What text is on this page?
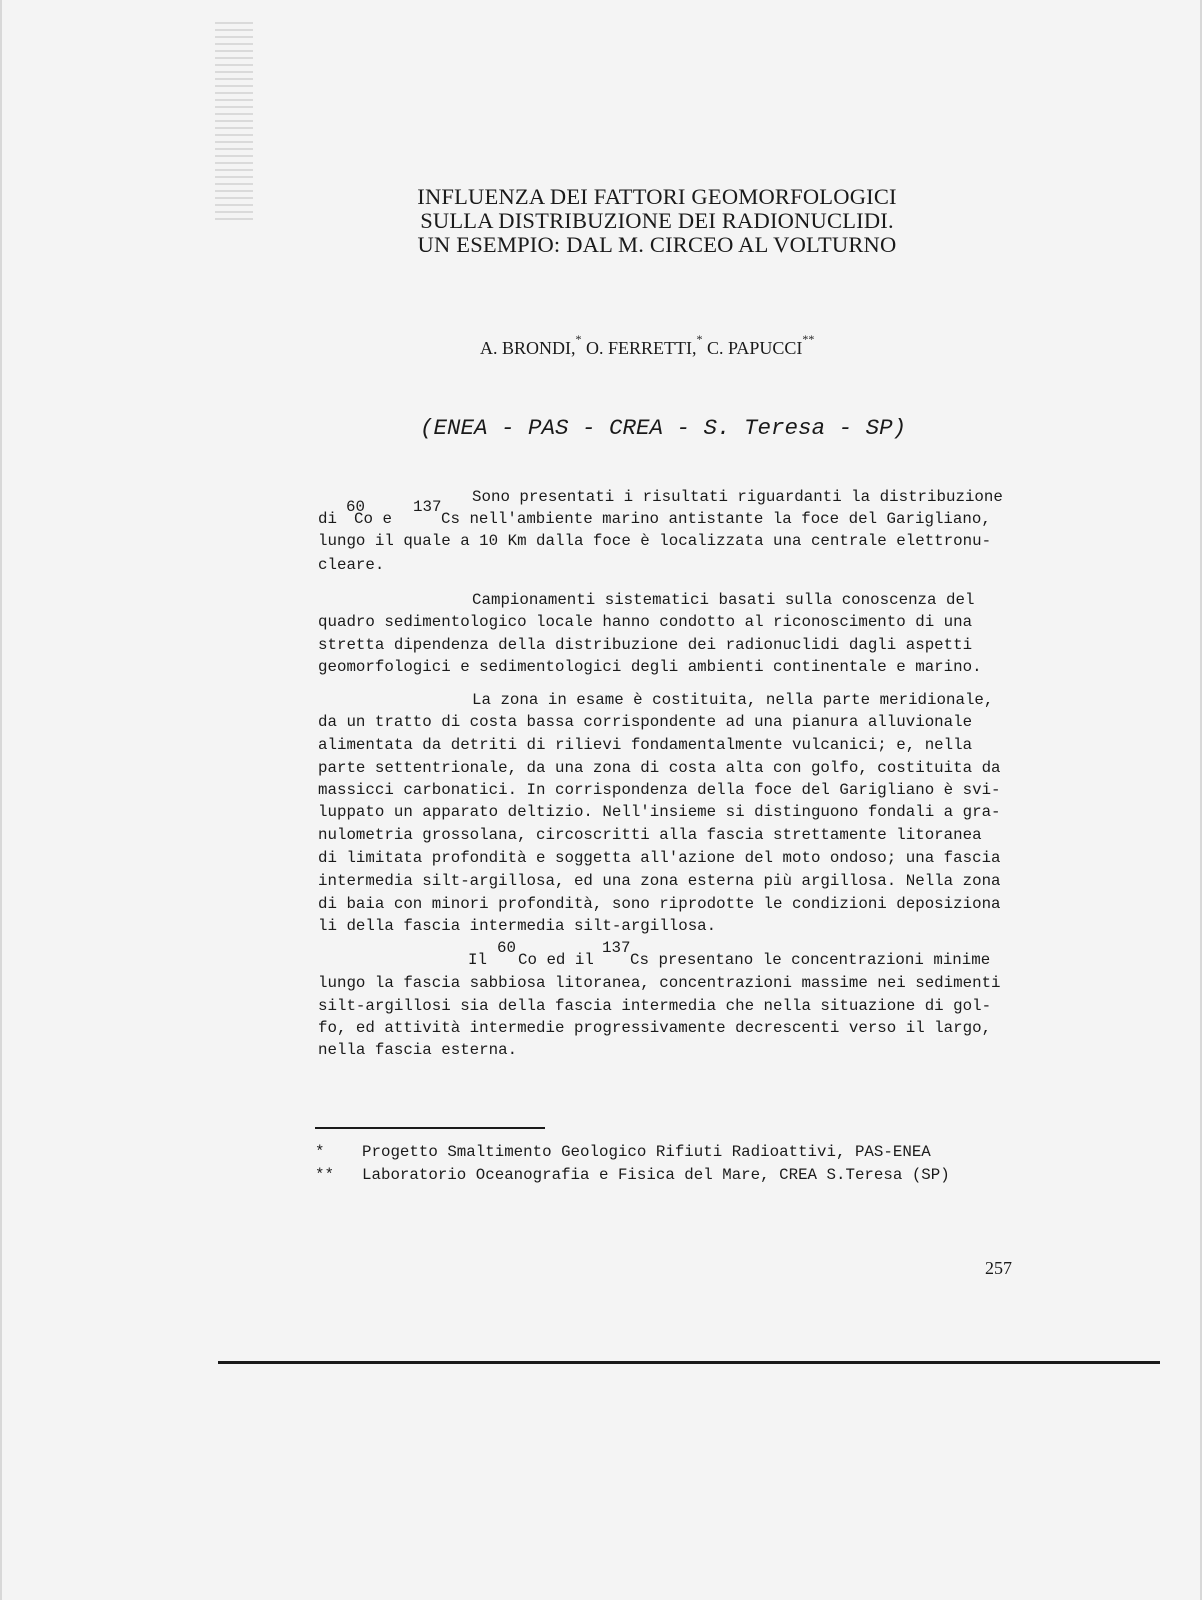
INFLUENZA DEI FATTORI GEOMORFOLOGICI
SULLA DISTRIBUZIONE DEI RADIONUCLIDI.
UN ESEMPIO: DAL M. CIRCEO AL VOLTURNO
A. BRONDI,* O. FERRETTI,* C. PAPUCCI**
(ENEA - PAS - CREA - S. Teresa - SP)
Sono presentati i risultati riguardanti la distribuzione
60	137

di

Co e

	Cs nell'ambiente marino antistante la foce del Garigliano,

lungo il quale a 10 Km dalla foce è localizzata una centrale elettronu-
cleare.
Campionamenti sistematici basati sulla conoscenza del
quadro sedimentologico locale hanno condotto al riconoscimento di una
stretta dipendenza della distribuzione dei radionuclidi dagli aspetti
geomorfologici e sedimentologici degli ambienti continentale e marino.
La zona in esame è costituita, nella parte meridionale,
da un tratto di costa bassa corrispondente ad una pianura alluvionale
alimentata da detriti di rilievi fondamentalmente vulcanici; e, nella
parte settentrionale, da una zona di costa alta con golfo, costituita da
massicci carbonatici. In corrispondenza della foce del Garigliano è svi-
luppato un apparato deltizio. Nell'insieme si distinguono fondali a gra-
nulometria grossolana, circoscritti alla fascia strettamente litoranea
di limitata profondità e soggetta all'azione del moto ondoso; una fascia
intermedia silt-argillosa, ed una zona esterna più argillosa. Nella zona
di baia con minori profondità, sono riprodotte le condizioni deposiziona
li della fascia intermedia silt-argillosa.
60	137

Il

Co ed il

Cs presentano le concentrazioni minime

lungo la fascia sabbiosa litoranea, concentrazioni massime nei sedimenti
silt-argillosi sia della fascia intermedia che nella situazione di gol-
fo, ed attività intermedie progressivamente decrescenti verso il largo,
nella fascia esterna.
* Progetto Smaltimento Geologico Rifiuti Radioattivi, PAS-ENEA
** Laboratorio Oceanografia e Fisica del Mare, CREA S.Teresa (SP)
257
